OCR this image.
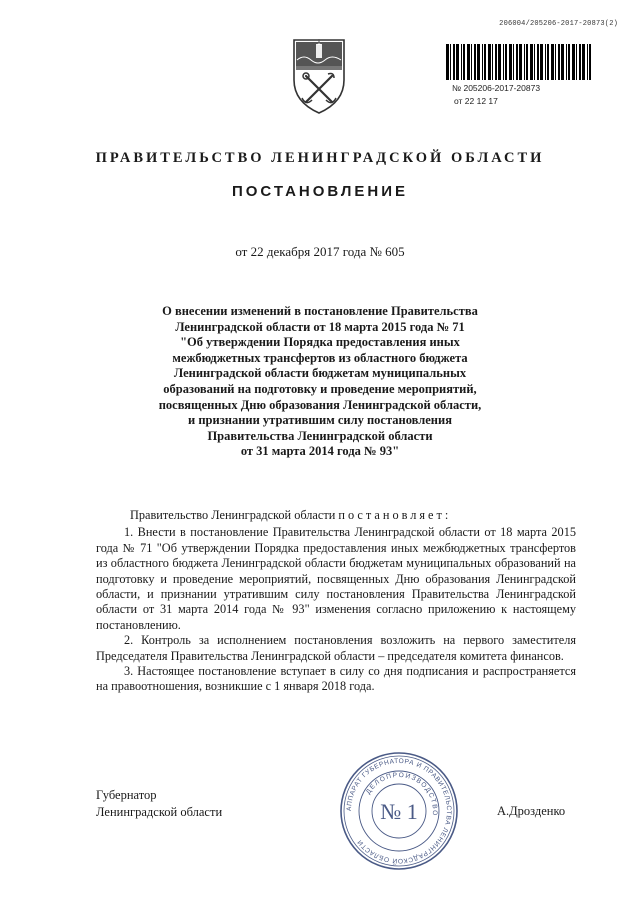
206004/205206-2017-20873(2)
№ 205206-2017-20873
от 22 12 17
ПРАВИТЕЛЬСТВО ЛЕНИНГРАДСКОЙ ОБЛАСТИ
ПОСТАНОВЛЕНИЕ
от 22 декабря 2017 года № 605
О внесении изменений в постановление Правительства
Ленинградской области от 18 марта 2015 года № 71
"Об утверждении Порядка предоставления иных
межбюджетных трансфертов из областного бюджета
Ленинградской области бюджетам муниципальных
образований на подготовку и проведение мероприятий,
посвященных Дню образования Ленинградской области,
и признании утратившим силу постановления
Правительства Ленинградской области
от 31 марта 2014 года № 93"

Правительство Ленинградской области постановляет:

1. Внести в постановление Правительства Ленинградской области от 18 марта 2015 года № 71 "Об утверждении Порядка предоставления иных межбюджетных трансфертов из областного бюджета Ленинградской области бюджетам муниципальных образований на подготовку и проведение мероприятий, посвященных Дню образования Ленинградской области, и признании утратившим силу постановления Правительства Ленинградской области от 31 марта 2014 года № 93" изменения согласно приложению к настоящему постановлению.

2. Контроль за исполнением постановления возложить на первого заместителя Председателя Правительства Ленинградской области – председателя комитета финансов.

3. Настоящее постановление вступает в силу со дня подписания и распространяется на правоотношения, возникшие с 1 января 2018 года.

Губернатор
Ленинградской области	АППАРАТ ГУБЕРНАТОРА И ПРАВИТЕЛЬСТВА ЛЕНИНГРАДСКОЙ ОБЛАСТИ
ДЕЛОПРОИЗВОДСТВО
№ 1	А.Дрозденко
